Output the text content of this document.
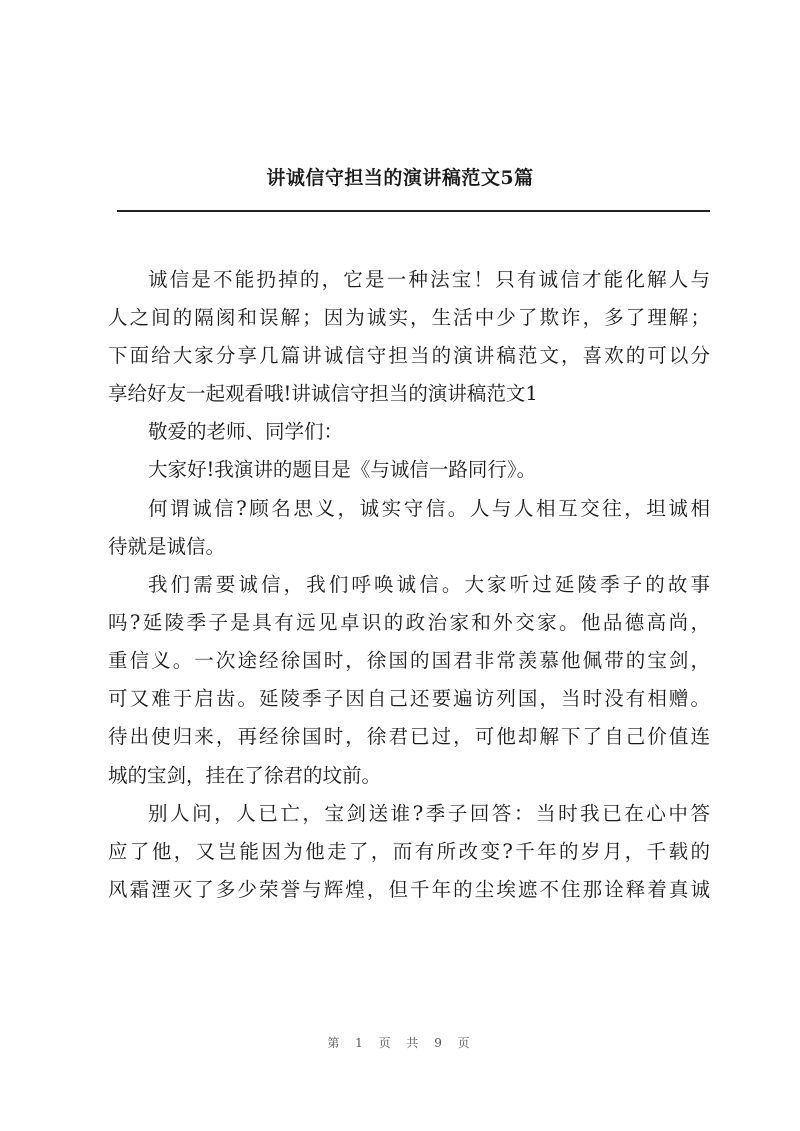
讲诚信守担当的演讲稿范文5篇
诚信是不能扔掉的，它是一种法宝！只有诚信才能化解人与
人之间的隔阂和误解；因为诚实，生活中少了欺诈，多了理解；
下面给大家分享几篇讲诚信守担当的演讲稿范文，喜欢的可以分
享给好友一起观看哦!讲诚信守担当的演讲稿范文1
敬爱的老师、同学们：
大家好!我演讲的题目是《与诚信一路同行》。
何谓诚信?顾名思义，诚实守信。人与人相互交往，坦诚相
待就是诚信。
我们需要诚信，我们呼唤诚信。大家听过延陵季子的故事
吗?延陵季子是具有远见卓识的政治家和外交家。他品德高尚，
重信义。一次途经徐国时，徐国的国君非常羡慕他佩带的宝剑，
可又难于启齿。延陵季子因自己还要遍访列国，当时没有相赠。
待出使归来，再经徐国时，徐君已过，可他却解下了自己价值连
城的宝剑，挂在了徐君的坟前。
别人问，人已亡，宝剑送谁?季子回答：当时我已在心中答
应了他，又岂能因为他走了，而有所改变?千年的岁月，千载的
风霜湮灭了多少荣誉与辉煌，但千年的尘埃遮不住那诠释着真诚
第 1 页 共 9 页
